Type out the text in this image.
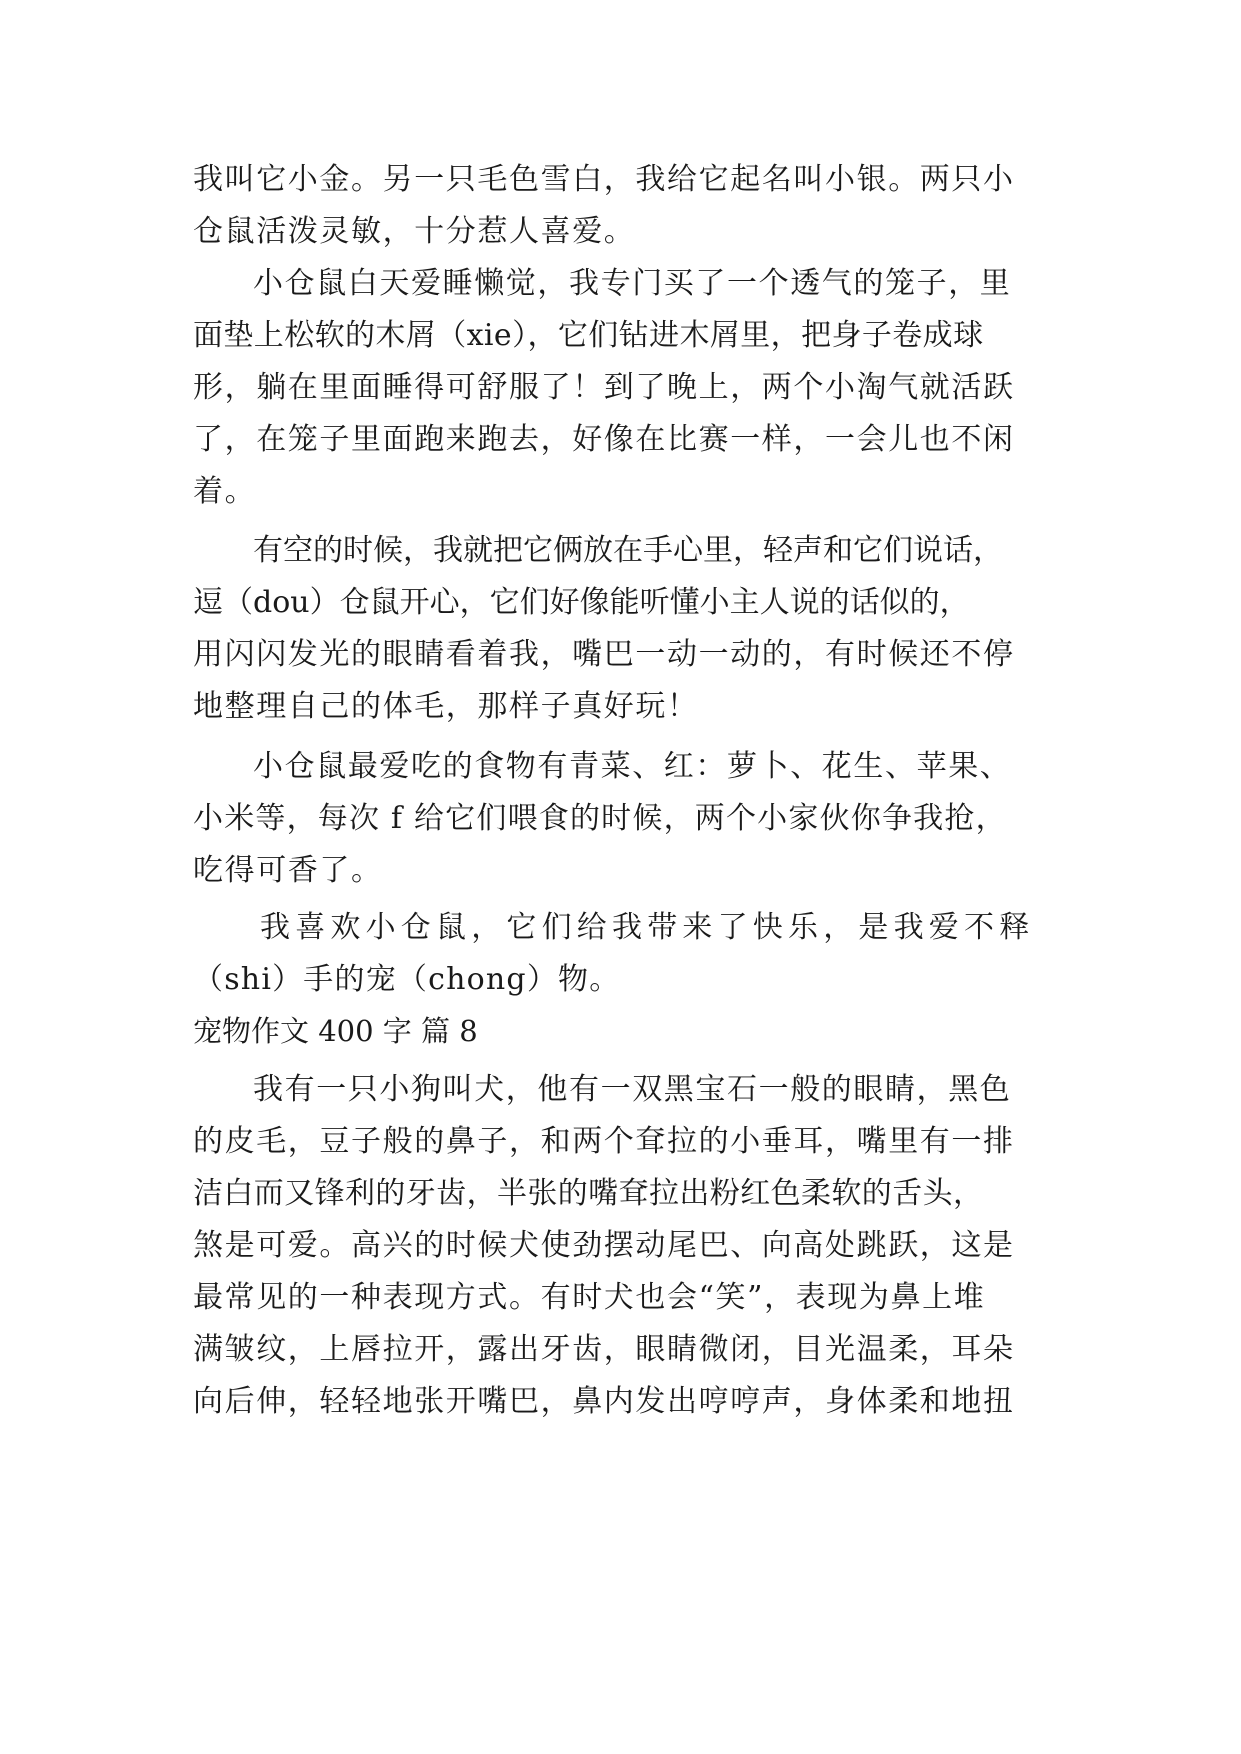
我叫它小金。另一只毛色雪白，我给它起名叫小银。两只小
仓鼠活泼灵敏，十分惹人喜爱。
小仓鼠白天爱睡懒觉，我专门买了一个透气的笼子，里
面垫上松软的木屑（xie），它们钻进木屑里，把身子卷成球
形，躺在里面睡得可舒服了！到了晚上，两个小淘气就活跃
了，在笼子里面跑来跑去，好像在比赛一样，一会儿也不闲
着。
有空的时候，我就把它俩放在手心里，轻声和它们说话，
逗（dou）仓鼠开心，它们好像能听懂小主人说的话似的，
用闪闪发光的眼睛看着我，嘴巴一动一动的，有时候还不停
地整理自己的体毛，那样子真好玩！
小仓鼠最爱吃的食物有青菜、红：萝卜、花生、苹果、
小米等，每次 f 给它们喂食的时候，两个小家伙你争我抢，
吃得可香了。
我喜欢小仓鼠，它们给我带来了快乐，是我爱不释
（shi）手的宠（chong）物。
宠物作文 400 字 篇 8
我有一只小狗叫犬，他有一双黑宝石一般的眼睛，黑色
的皮毛，豆子般的鼻子，和两个耷拉的小垂耳，嘴里有一排
洁白而又锋利的牙齿，半张的嘴耷拉出粉红色柔软的舌头，
煞是可爱。高兴的时候犬使劲摆动尾巴、向高处跳跃，这是
最常见的一种表现方式。有时犬也会“笑”，表现为鼻上堆
满皱纹，上唇拉开，露出牙齿，眼睛微闭，目光温柔，耳朵
向后伸，轻轻地张开嘴巴，鼻内发出哼哼声，身体柔和地扭
